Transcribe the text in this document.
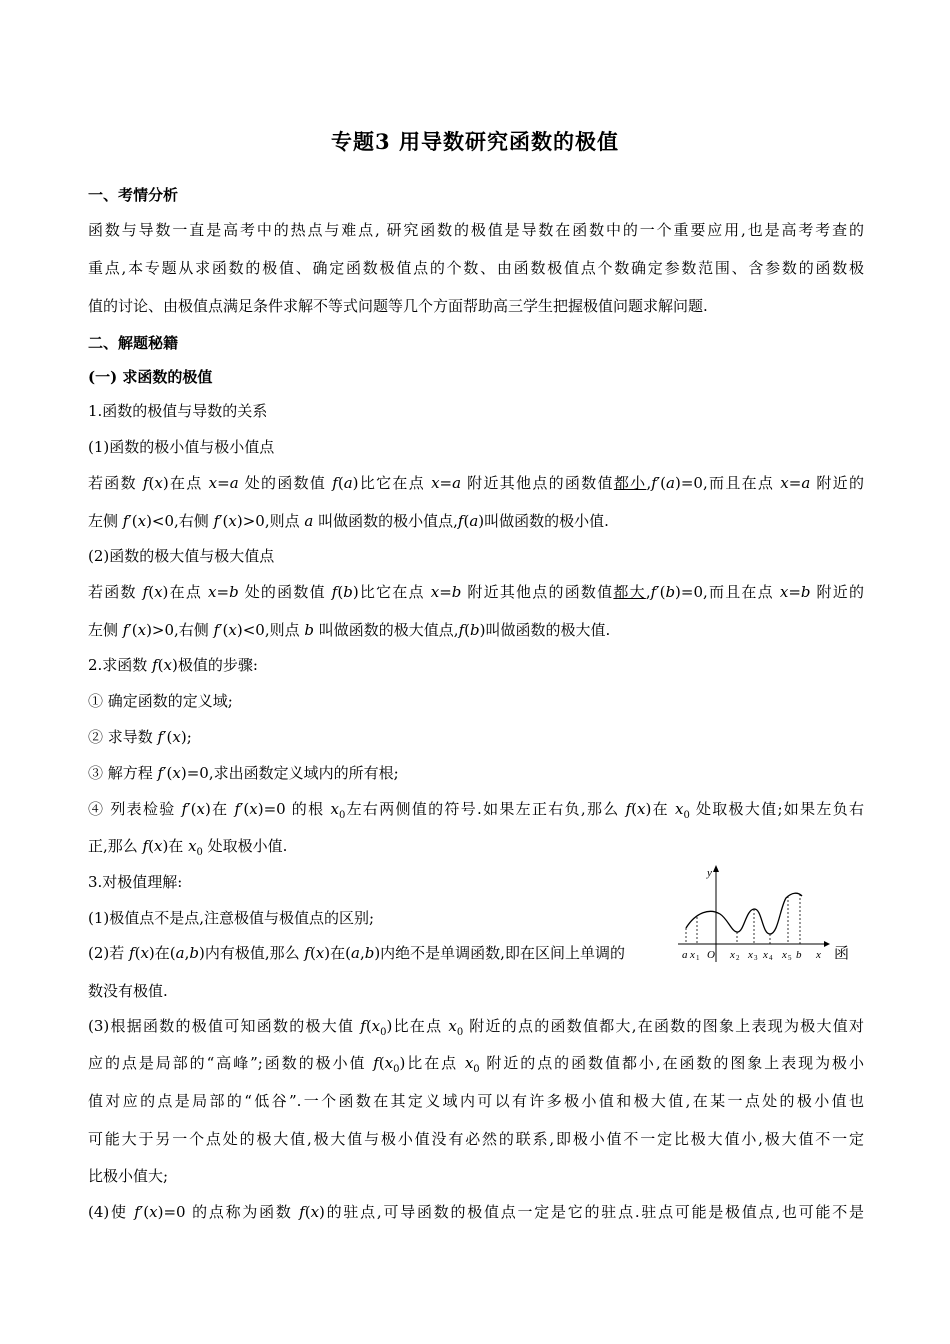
专题3 用导数研究函数的极值
一、考情分析
函数与导数一直是高考中的热点与难点, 研究函数的极值是导数在函数中的一个重要应用,也是高考考查的
重点,本专题从求函数的极值、确定函数极值点的个数、由函数极值点个数确定参数范围、含参数的函数极
值的讨论、由极值点满足条件求解不等式问题等几个方面帮助高三学生把握极值问题求解问题.
二、解题秘籍
(一) 求函数的极值
1.函数的极值与导数的关系
(1)函数的极小值与极小值点
若函数 f(x)在点 x=a 处的函数值 f(a)比它在点 x=a 附近其他点的函数值都小,f′(a)=0,而且在点 x=a 附近的
左侧 f′(x)<0,右侧 f′(x)>0,则点 a 叫做函数的极小值点,f(a)叫做函数的极小值.
(2)函数的极大值与极大值点
若函数 f(x)在点 x=b 处的函数值 f(b)比它在点 x=b 附近其他点的函数值都大,f′(b)=0,而且在点 x=b 附近的
左侧 f′(x)>0,右侧 f′(x)<0,则点 b 叫做函数的极大值点,f(b)叫做函数的极大值.
2.求函数 f(x)极值的步骤:
① 确定函数的定义域;
② 求导数 f′(x);
③ 解方程 f′(x)=0,求出函数定义域内的所有根;
④ 列表检验 f′(x)在 f′(x)=0 的根 $x_0$左右两侧值的符号.如果左正右负,那么 f(x)在 $x_0$ 处取极大值;如果左负右
正,那么 f(x)在 $x_0$ 处取极小值.
3.对极值理解:
(1)极值点不是点,注意极值与极值点的区别;
(2)若 f(x)在(a,b)内有极值,那么 f(x)在(a,b)内绝不是单调函数,即在区间上单调的	函
数没有极值.
(3)根据函数的极值可知函数的极大值 $f(x_0)$比在点 $x_0$ 附近的点的函数值都大,在函数的图象上表现为极大值对
应的点是局部的“高峰”;函数的极小值 $f(x_0)$比在点 $x_0$ 附近的点的函数值都小,在函数的图象上表现为极小
值对应的点是局部的“低谷”.一个函数在其定义域内可以有许多极小值和极大值,在某一点处的极小值也
可能大于另一个点处的极大值,极大值与极小值没有必然的联系,即极小值不一定比极大值小,极大值不一定
比极小值大;
(4)使 f′(x)=0 的点称为函数 f(x)的驻点,可导函数的极值点一定是它的驻点.驻点可能是极值点,也可能不是
y
x
O
a x 1	x 2 x 3 x 4 x 5 b
